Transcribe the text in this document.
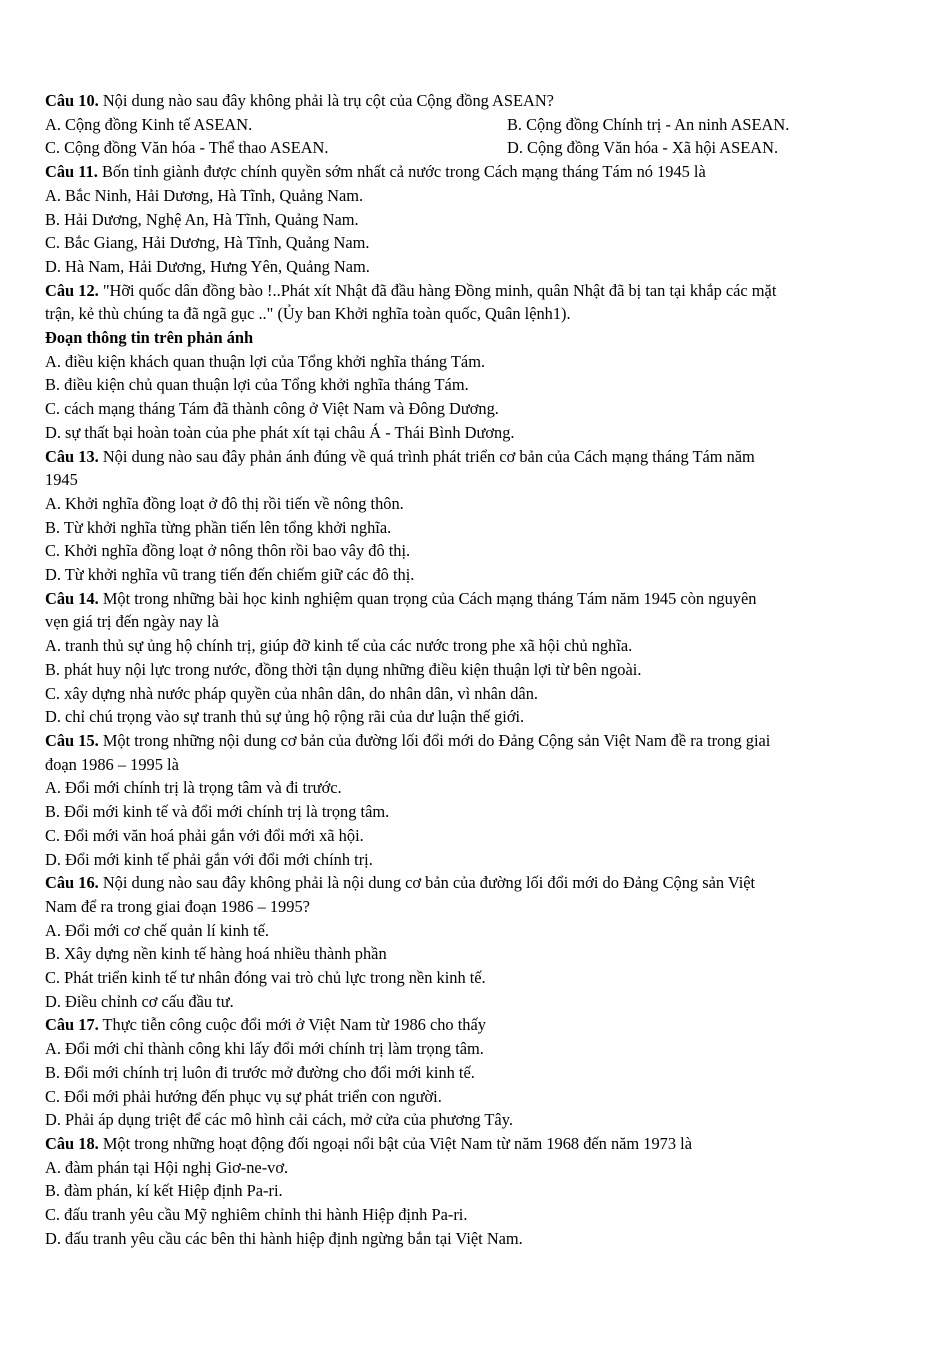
Câu 10. Nội dung nào sau đây không phải là trụ cột của Cộng đồng ASEAN?

A. Cộng đồng Kinh tế ASEAN.	B. Cộng đồng Chính trị - An ninh ASEAN.
C. Cộng đồng Văn hóa - Thể thao ASEAN.	D. Cộng đồng Văn hóa - Xã hội ASEAN.

Câu 11. Bốn tỉnh giành được chính quyền sớm nhất cả nước trong Cách mạng tháng Tám nó 1945 là

A. Bắc Ninh, Hải Dương, Hà Tĩnh, Quảng Nam.

B. Hải Dương, Nghệ An, Hà Tĩnh, Quảng Nam.

C. Bắc Giang, Hải Dương, Hà Tĩnh, Quảng Nam.

D. Hà Nam, Hải Dương, Hưng Yên, Quảng Nam.

Câu 12. "Hỡi quốc dân đồng bào !..Phát xít Nhật đã đầu hàng Đồng minh, quân Nhật đã bị tan tại khắp các mặt

trận, kẻ thù chúng ta đã ngã gục .." (Ủy ban Khởi nghĩa toàn quốc, Quân lệnh1).

Đoạn thông tin trên phản ánh

A. điều kiện khách quan thuận lợi của Tổng khởi nghĩa tháng Tám.

B. điều kiện chủ quan thuận lợi của Tổng khởi nghĩa tháng Tám.

C. cách mạng tháng Tám đã thành công ở Việt Nam và Đông Dương.

D. sự thất bại hoàn toàn của phe phát xít tại châu Á - Thái Bình Dương.

Câu 13. Nội dung nào sau đây phản ánh đúng về quá trình phát triển cơ bản của Cách mạng tháng Tám năm

1945

A. Khởi nghĩa đồng loạt ở đô thị rồi tiến về nông thôn.

B. Từ khởi nghĩa từng phần tiến lên tổng khởi nghĩa.

C. Khởi nghĩa đồng loạt ở nông thôn rồi bao vây đô thị.

D. Từ khởi nghĩa vũ trang tiến đến chiếm giữ các đô thị.

Câu 14. Một trong những bài học kinh nghiệm quan trọng của Cách mạng tháng Tám năm 1945 còn nguyên

vẹn giá trị đến ngày nay là

A. tranh thủ sự ủng hộ chính trị, giúp đỡ kinh tế của các nước trong phe xã hội chủ nghĩa.

B. phát huy nội lực trong nước, đồng thời tận dụng những điều kiện thuận lợi từ bên ngoài.

C. xây dựng nhà nước pháp quyền của nhân dân, do nhân dân, vì nhân dân.

D. chỉ chú trọng vào sự tranh thủ sự ủng hộ rộng rãi của dư luận thế giới.

Câu 15. Một trong những nội dung cơ bản của đường lối đổi mới do Đảng Cộng sản Việt Nam đề ra trong giai

đoạn 1986 – 1995 là

A. Đổi mới chính trị là trọng tâm và đi trước.

B. Đổi mới kinh tế và đổi mới chính trị là trọng tâm.

C. Đổi mới văn hoá phải gắn với đổi mới xã hội.

D. Đổi mới kinh tế phải gắn với đổi mới chính trị.

Câu 16. Nội dung nào sau đây không phải là nội dung cơ bản của đường lối đổi mới do Đảng Cộng sản Việt

Nam để ra trong giai đoạn 1986 – 1995?

A. Đổi mới cơ chế quản lí kinh tế.

B. Xây dựng nền kinh tế hàng hoá nhiều thành phần

C. Phát triển kinh tế tư nhân đóng vai trò chủ lực trong nền kinh tế.

D. Điều chỉnh cơ cấu đầu tư.

Câu 17. Thực tiễn công cuộc đổi mới ở Việt Nam từ 1986 cho thấy

A. Đổi mới chỉ thành công khi lấy đổi mới chính trị làm trọng tâm.

B. Đổi mới chính trị luôn đi trước mở đường cho đổi mới kinh tế.

C. Đổi mới phải hướng đến phục vụ sự phát triển con người.

D. Phải áp dụng triệt để các mô hình cải cách, mở cửa của phương Tây.

Câu 18. Một trong những hoạt động đối ngoại nổi bật của Việt Nam từ năm 1968 đến năm 1973 là

A. đàm phán tại Hội nghị Giơ-ne-vơ.

B. đàm phán, kí kết Hiệp định Pa-ri.

C. đấu tranh yêu cầu Mỹ nghiêm chỉnh thi hành Hiệp định Pa-ri.

D. đấu tranh yêu cầu các bên thi hành hiệp định ngừng bắn tại Việt Nam.
